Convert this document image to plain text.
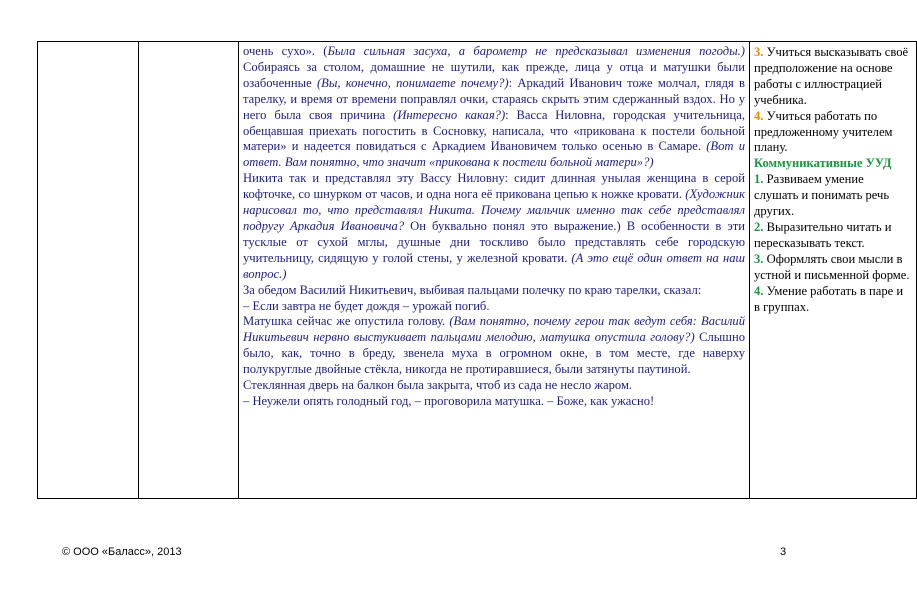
очень сухо». (Была сильная засуха, а барометр не предсказывал изменения погоды.) Собираясь за столом, домашние не шутили, как прежде, лица у отца и матушки были озабоченные (Вы, конечно, понимаете почему?): Аркадий Иванович тоже молчал, глядя в тарелку, и время от времени поправлял очки, стараясь скрыть этим сдержанный вздох. Но у него была своя причина (Интересно какая?): Васса Ниловна, городская учительница, обещавшая приехать погостить в Сосновку, написала, что «прикована к постели больной матери» и надеется повидаться с Аркадием Ивановичем только осенью в Самаре. (Вот и ответ. Вам понятно, что значит «прикована к постели больной матери»?)

Никита так и представлял эту Вассу Ниловну: сидит длинная унылая женщина в серой кофточке, со шнурком от часов, и одна нога её прикована цепью к ножке кровати. (Художник нарисовал то, что представлял Никита. Почему мальчик именно так себе представлял подругу Аркадия Ивановича? Он буквально понял это выражение.) В особенности в эти тусклые от сухой мглы, душные дни тоскливо было представлять себе городскую учительницу, сидящую у голой стены, у железной кровати. (А это ещё один ответ на наш вопрос.)

За обедом Василий Никитьевич, выбивая пальцами полечку по краю тарелки, сказал:

– Если завтра не будет дождя – урожай погиб.

Матушка сейчас же опустила голову. (Вам понятно, почему герои так ведут себя: Василий Никитьевич нервно выстукивает пальцами мелодию, матушка опустила голову?) Слышно было, как, точно в бреду, звенела муха в огромном окне, в том месте, где наверху полукруглые двойные стёкла, никогда не протиравшиеся, были затянуты паутиной.

Стеклянная дверь на балкон была закрыта, чтоб из сада не несло жаром.

– Неужели опять голодный год, – проговорила матушка. – Боже, как ужасно!

3. Учиться высказывать своё предположение на основе работы с иллюстрацией учебника.

4. Учиться работать по предложенному учителем плану.

Коммуникативные УУД

1. Развиваем умение слушать и понимать речь других.

2. Выразительно читать и пересказывать текст.

3. Оформлять свои мысли в устной и письменной форме.

4. Умение работать в паре и в группах.

© ООО «Баласс», 2013	3
